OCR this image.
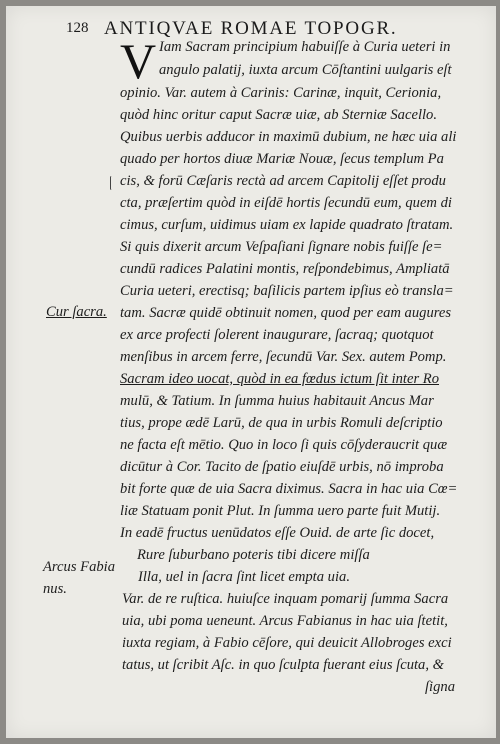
128 ANTIQVAE ROMAE TOPOGR.
V Iam Sacram principium habuiſſe à Curia ueteri in
angulo palatij, iuxta arcum Cōſtantini uulgaris eſt
opinio. Var. autem à Carinis: Carinæ, inquit, Cerionia,
quòd hinc oritur caput Sacræ uiæ, ab Sterniæ Sacello.
Quibus uerbis adducor in maximū dubium, ne hæc uia ali
quado per hortos diuæ Mariæ Nouæ, ſecus templum Pa
cis, & forū Cæſaris rectà ad arcem Capitolij eſſet produ
cta, præſertim quòd in eiſdē hortis ſecundū eum, quem di
cimus, curſum, uidimus uiam ex lapide quadrato ſtratam.
Si quis dixerit arcum Veſpaſiani ſignare nobis fuiſſe ſe=
cundū radices Palatini montis, reſpondebimus, Ampliatā
Curia ueteri, erectisq; baſilicis partem ipſius eò transla=
tam. Sacræ quidē obtinuit nomen, quod per eam augures
ex arce profecti ſolerent inaugurare, ſacraq; quotquot
menſibus in arcem ferre, ſecundū Var. Sex. autem Pomp.
Sacram ideo uocat, quòd in ea fœdus ictum ſit inter Ro
mulū, & Tatium. In ſumma huius habitauit Ancus Mar
tius, prope ædē Larū, de qua in urbis Romuli deſcriptio
ne facta eſt mētio. Quo in loco ſi quis cōſyderaucrit quæ
dicūtur à Cor. Tacito de ſpatio eiuſdē urbis, nō improba
bit forte quæ de uia Sacra diximus. Sacra in hac uia Cœ=
liæ Statuam ponit Plut. In ſumma uero parte fuit Mutij.
In eadē fructus uenūdatos eſſe Ouid. de arte ſic docet,
Rure ſuburbano poteris tibi dicere miſſa
Illa, uel in ſacra ſint licet empta uia.
Var. de re ruſtica. huiuſce inquam pomarij ſumma Sacra
uia, ubi poma ueneunt. Arcus Fabianus in hac uia ſtetit,
iuxta regiam, à Fabio cēſore, qui deuicit Allobroges exci
tatus, ut ſcribit Aſc. in quo ſculpta fuerant eius ſcuta, &
ſigna
Cur ſacra.
Arcus Fabia
nus.
